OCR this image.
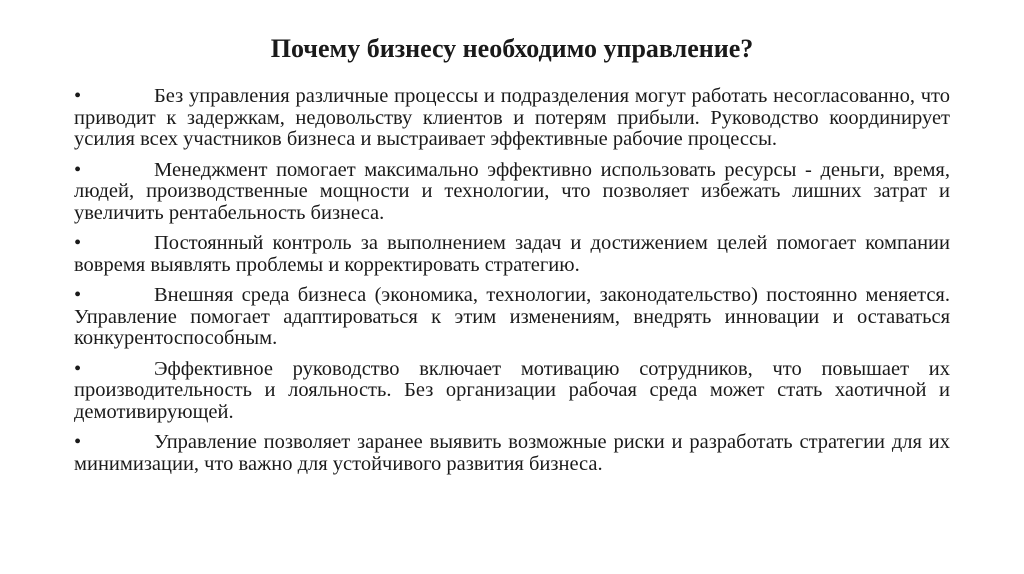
Почему бизнесу необходимо управление?
•	Без управления различные процессы и подразделения могут работать несогласованно, что приводит к задержкам, недовольству клиентов и потерям прибыли. Руководство координирует усилия всех участников бизнеса и выстраивает эффективные рабочие процессы.
•	Менеджмент помогает максимально эффективно использовать ресурсы - деньги, время, людей, производственные мощности и технологии, что позволяет избежать лишних затрат и увеличить рентабельность бизнеса.
•	Постоянный контроль за выполнением задач и достижением целей помогает компании вовремя выявлять проблемы и корректировать стратегию.
•	Внешняя среда бизнеса (экономика, технологии, законодательство) постоянно меняется. Управление помогает адаптироваться к этим изменениям, внедрять инновации и оставаться конкурентоспособным.
•	Эффективное руководство включает мотивацию сотрудников, что повышает их производительность и лояльность. Без организации рабочая среда может стать хаотичной и демотивирующей.
•	Управление позволяет заранее выявить возможные риски и разработать стратегии для их минимизации, что важно для устойчивого развития бизнеса.
